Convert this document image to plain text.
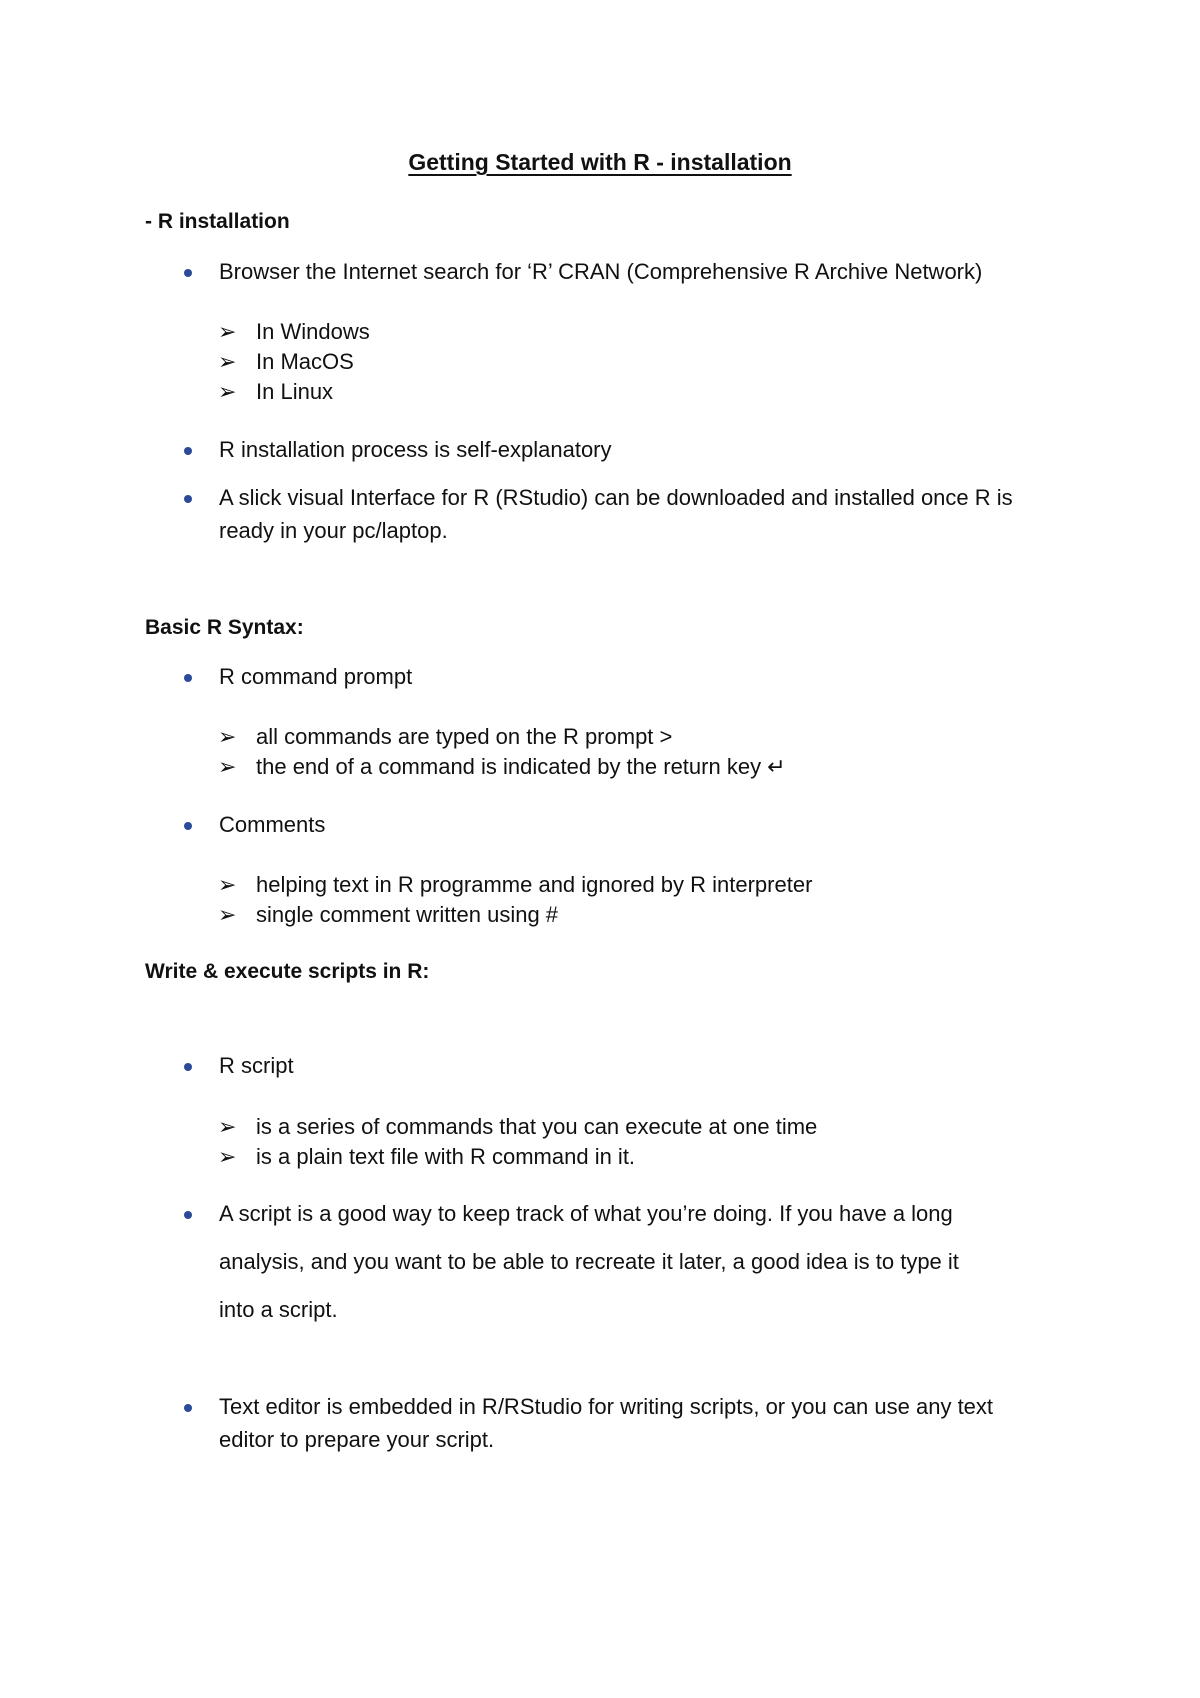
Getting Started with R - installation
- R installation
Browser the Internet search for ‘R’ CRAN (Comprehensive R Archive Network)
➢ In Windows
➢ In MacOS
➢ In Linux
R installation process is self-explanatory
A slick visual Interface for R (RStudio) can be downloaded and installed once R is
ready in your pc/laptop.
Basic R Syntax:
R command prompt
➢ all commands are typed on the R prompt >
➢ the end of a command is indicated by the return key ↵
Comments
➢ helping text in R programme and ignored by R interpreter
➢ single comment written using #
Write & execute scripts in R:
R script
➢ is a series of commands that you can execute at one time
➢ is a plain text file with R command in it.
A script is a good way to keep track of what you’re doing. If you have a long
analysis, and you want to be able to recreate it later, a good idea is to type it
into a script.
Text editor is embedded in R/RStudio for writing scripts, or you can use any text
editor to prepare your script.
